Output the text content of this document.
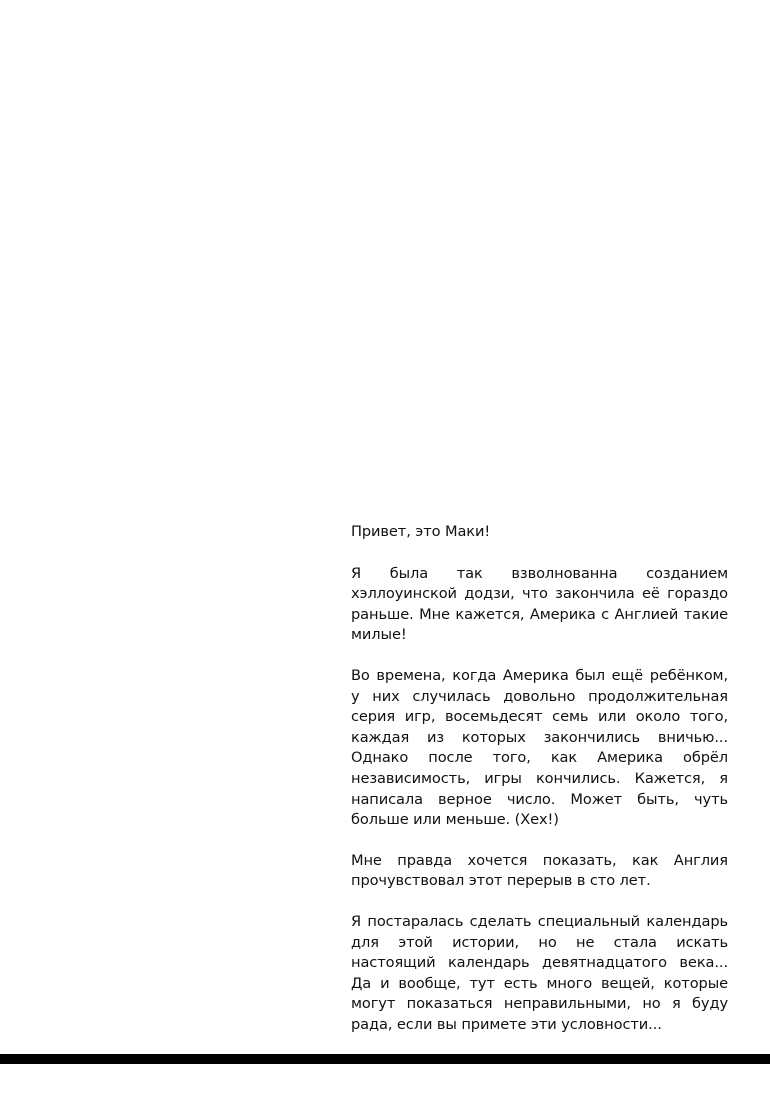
Привет, это Маки!

Я была так взволнованна созданием хэллоуинской додзи, что закончила её гораздо раньше. Мне кажется, Америка с Англией такие милые!

Во времена, когда Америка был ещё ребёнком, у них случилась довольно продолжительная серия игр, восемьдесят семь или около того, каждая из которых закончились вничью... Однако после того, как Америка обрёл независимость, игры кончились. Кажется, я написала верное число. Может быть, чуть больше или меньше. (Хех!)

Мне правда хочется показать, как Англия прочувствовал этот перерыв в сто лет.

Я постаралась сделать специальный календарь для этой истории, но не стала искать настоящий календарь девятнадцатого века... Да и вообще, тут есть много вещей, которые могут показаться неправильными, но я буду рада, если вы примете эти условности...
